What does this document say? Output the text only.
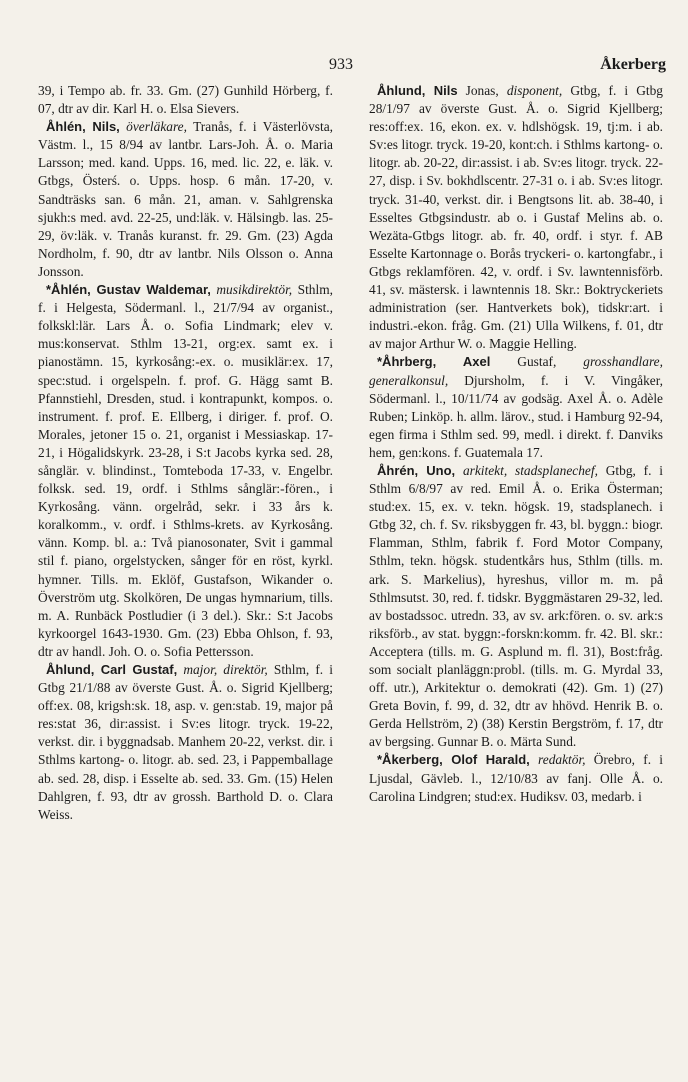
933	Åkerberg

39, i Tempo ab. fr. 33. Gm. (27) Gunhild Hörberg, f. 07, dtr av dir. Karl H. o. Elsa Sievers.

Åhlén, Nils, överläkare, Tranås, f. i Västerlövsta, Västm. l., 15 8/94 av lantbr. Lars-Joh. Å. o. Maria Larsson; med. kand. Upps. 16, med. lic. 22, e. läk. v. Gtbgs, Österś. o. Upps. hosp. 6 mån. 17-20, v. Sandträsks san. 6 mån. 21, aman. v. Sahlgrenska sjukh:s med. avd. 22-25, und:läk. v. Hälsingb. las. 25-29, öv:läk. v. Tranås kuranst. fr. 29. Gm. (23) Agda Nordholm, f. 90, dtr av lantbr. Nils Olsson o. Anna Jonsson.

*Åhlén, Gustav Waldemar, musikdirektör, Sthlm, f. i Helgesta, Södermanl. l., 21/7/94 av organist., folkskl:lär. Lars Å. o. Sofia Lindmark; elev v. mus:konservat. Sthlm 13-21, org:ex. samt ex. i pianostämn. 15, kyrkosång:-ex. o. musiklär:ex. 17, spec:stud. i orgelspeln. f. prof. G. Hägg samt B. Pfannstiehl, Dresden, stud. i kontrapunkt, kompos. o. instrument. f. prof. E. Ellberg, i diriger. f. prof. O. Morales, jetoner 15 o. 21, organist i Messiaskap. 17-21, i Högalidskyrk. 23-28, i S:t Jacobs kyrka sed. 28, sånglär. v. blindinst., Tomteboda 17-33, v. Engelbr. folksk. sed. 19, ordf. i Sthlms sånglär:-fören., i Kyrkosång. vänn. orgelråd, sekr. i 33 års k. koralkomm., v. ordf. i Sthlms-krets. av Kyrkosång. vänn. Komp. bl. a.: Två pianosonater, Svit i gammal stil f. piano, orgelstycken, sånger för en röst, kyrkl. hymner. Tills. m. Eklöf, Gustafson, Wikander o. Överström utg. Skolkören, De ungas hymnarium, tills. m. A. Runbäck Postludier (i 3 del.). Skr.: S:t Jacobs kyrkoorgel 1643-1930. Gm. (23) Ebba Ohlson, f. 93, dtr av handl. Joh. O. o. Sofia Pettersson.

Åhlund, Carl Gustaf, major, direktör, Sthlm, f. i Gtbg 21/1/88 av överste Gust. Å. o. Sigrid Kjellberg; off:ex. 08, krigsh:sk. 18, asp. v. gen:stab. 19, major på res:stat 36, dir:assist. i Sv:es litogr. tryck. 19-22, verkst. dir. i byggnadsab. Manhem 20-22, verkst. dir. i Sthlms kartong- o. litogr. ab. sed. 23, i Pappemballage ab. sed. 28, disp. i Esselte ab. sed. 33. Gm. (15) Helen Dahlgren, f. 93, dtr av grossh. Barthold D. o. Clara Weiss.

Åhlund, Nils Jonas, disponent, Gtbg, f. i Gtbg 28/1/97 av överste Gust. Å. o. Sigrid Kjellberg; res:off:ex. 16, ekon. ex. v. hdlshögsk. 19, tj:m. i ab. Sv:es litogr. tryck. 19-20, kont:ch. i Sthlms kartong- o. litogr. ab. 20-22, dir:assist. i ab. Sv:es litogr. tryck. 22-27, disp. i Sv. bokhdlscentr. 27-31 o. i ab. Sv:es litogr. tryck. 31-40, verkst. dir. i Bengtsons lit. ab. 38-40, i Esseltes Gtbgsindustr. ab o. i Gustaf Melins ab. o. Wezäta-Gtbgs litogr. ab. fr. 40, ordf. i styr. f. AB Esselte Kartonnage o. Borås tryckeri- o. kartongfabr., i Gtbgs reklamfören. 42, v. ordf. i Sv. lawntennisförb. 41, sv. mästersk. i lawntennis 18. Skr.: Boktryckeriets administration (ser. Hantverkets bok), tidskr:art. i industri.-ekon. fråg. Gm. (21) Ulla Wilkens, f. 01, dtr av major Arthur W. o. Maggie Helling.

*Åhrberg, Axel Gustaf, grosshandlare, generalkonsul, Djursholm, f. i V. Vingåker, Södermanl. l., 10/11/74 av godsäg. Axel Å. o. Adèle Ruben; Linköp. h. allm. lärov., stud. i Hamburg 92-94, egen firma i Sthlm sed. 99, medl. i direkt. f. Danviks hem, gen:kons. f. Guatemala 17.

Åhrén, Uno, arkitekt, stadsplanechef, Gtbg, f. i Sthlm 6/8/97 av red. Emil Å. o. Erika Österman; stud:ex. 15, ex. v. tekn. högsk. 19, stadsplanech. i Gtbg 32, ch. f. Sv. riksbyggen fr. 43, bl. byggn.: biogr. Flamman, Sthlm, fabrik f. Ford Motor Company, Sthlm, tekn. högsk. studentkårs hus, Sthlm (tills. m. ark. S. Markelius), hyreshus, villor m. m. på Sthlmsutst. 30, red. f. tidskr. Byggmästaren 29-32, led. av bostadssoc. utredn. 33, av sv. ark:fören. o. sv. ark:s riksförb., av stat. byggn:-forskn:komm. fr. 42. Bl. skr.: Acceptera (tills. m. G. Asplund m. fl. 31), Bost:fråg. som socialt planläggn:probl. (tills. m. G. Myrdal 33, off. utr.), Arkitektur o. demokrati (42). Gm. 1) (27) Greta Bovin, f. 99, d. 32, dtr av hhövd. Henrik B. o. Gerda Hellström, 2) (38) Kerstin Bergström, f. 17, dtr av bergsing. Gunnar B. o. Märta Sund.

*Åkerberg, Olof Harald, redaktör, Örebro, f. i Ljusdal, Gävleb. l., 12/10/83 av fanj. Olle Å. o. Carolina Lindgren; stud:ex. Hudiksv. 03, medarb. i
